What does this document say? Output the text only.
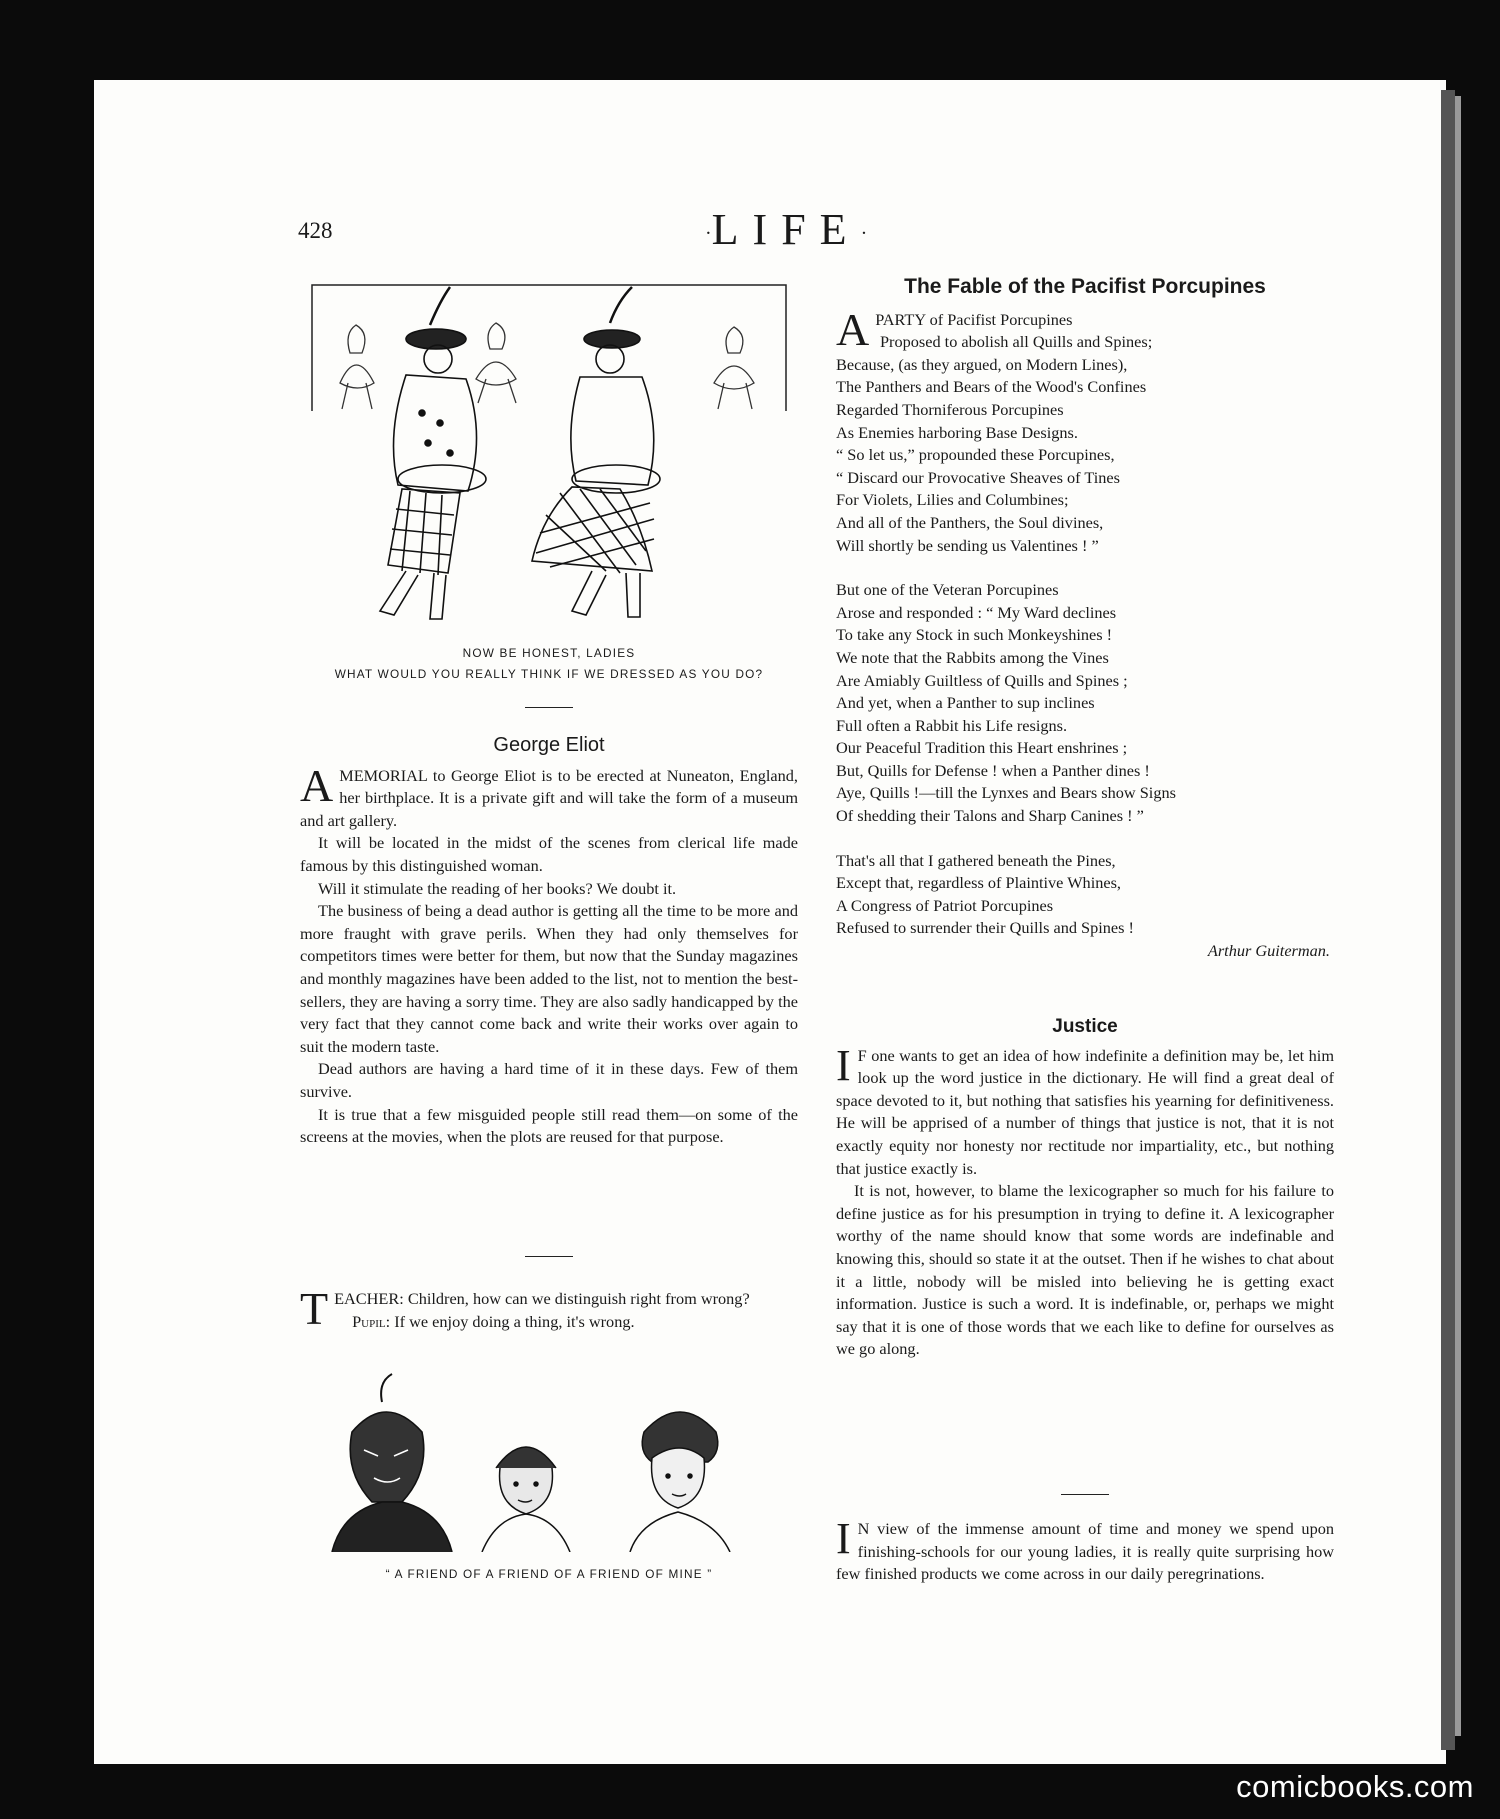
428	·LIFE·
NOW BE HONEST, LADIES
WHAT WOULD YOU REALLY THINK IF WE DRESSED AS YOU DO?
George Eliot

AMEMORIAL to George Eliot is to be erected at Nuneaton, England, her birthplace. It is a private gift and will take the form of a museum and art gallery.

It will be located in the midst of the scenes from clerical life made famous by this distinguished woman.

Will it stimulate the reading of her books? We doubt it.

The business of being a dead author is getting all the time to be more and more fraught with grave perils. When they had only themselves for competitors times were better for them, but now that the Sunday magazines and monthly magazines have been added to the list, not to mention the best-sellers, they are having a sorry time. They are also sadly handicapped by the very fact that they cannot come back and write their works over again to suit the modern taste.

Dead authors are having a hard time of it in these days. Few of them survive.

It is true that a few misguided people still read them—on some of the screens at the movies, when the plots are reused for that purpose.

TEACHER: Children, how can we distinguish right from wrong?

Pupil: If we enjoy doing a thing, it's wrong.

“ A FRIEND OF A FRIEND OF A FRIEND OF MINE ”
The Fable of the Pacifist Porcupines
A PARTY of Pacifist Porcupines
Proposed to abolish all Quills and Spines;
Because, (as they argued, on Modern Lines),
The Panthers and Bears of the Wood's Confines
Regarded Thorniferous Porcupines
As Enemies harboring Base Designs.
“ So let us,” propounded these Porcupines,
“ Discard our Provocative Sheaves of Tines
For Violets, Lilies and Columbines;
And all of the Panthers, the Soul divines,
Will shortly be sending us Valentines ! ”
But one of the Veteran Porcupines
Arose and responded : “ My Ward declines
To take any Stock in such Monkeyshines !
We note that the Rabbits among the Vines
Are Amiably Guiltless of Quills and Spines ;
And yet, when a Panther to sup inclines
Full often a Rabbit his Life resigns.
Our Peaceful Tradition this Heart enshrines ;
But, Quills for Defense ! when a Panther dines !
Aye, Quills !—till the Lynxes and Bears show Signs
Of shedding their Talons and Sharp Canines ! ”
That's all that I gathered beneath the Pines,
Except that, regardless of Plaintive Whines,
A Congress of Patriot Porcupines
Refused to surrender their Quills and Spines !
Arthur Guiterman.
Justice

I F one wants to get an idea of how indefinite a definition may be, let him look up the word justice in the dictionary. He will find a great deal of space devoted to it, but nothing that satisfies his yearning for definitiveness. He will be apprised of a number of things that justice is not, that it is not exactly equity nor honesty nor rectitude nor impartiality, etc., but nothing that justice exactly is.

It is not, however, to blame the lexicographer so much for his failure to define justice as for his presumption in trying to define it. A lexicographer worthy of the name should know that some words are indefinable and knowing this, should so state it at the outset. Then if he wishes to chat about it a little, nobody will be misled into believing he is getting exact information. Justice is such a word. It is indefinable, or, perhaps we might say that it is one of those words that we each like to define for ourselves as we go along.

I N view of the immense amount of time and money we spend upon finishing-schools for our young ladies, it is really quite surprising how few finished products we come across in our daily peregrinations.

comicbooks.com
